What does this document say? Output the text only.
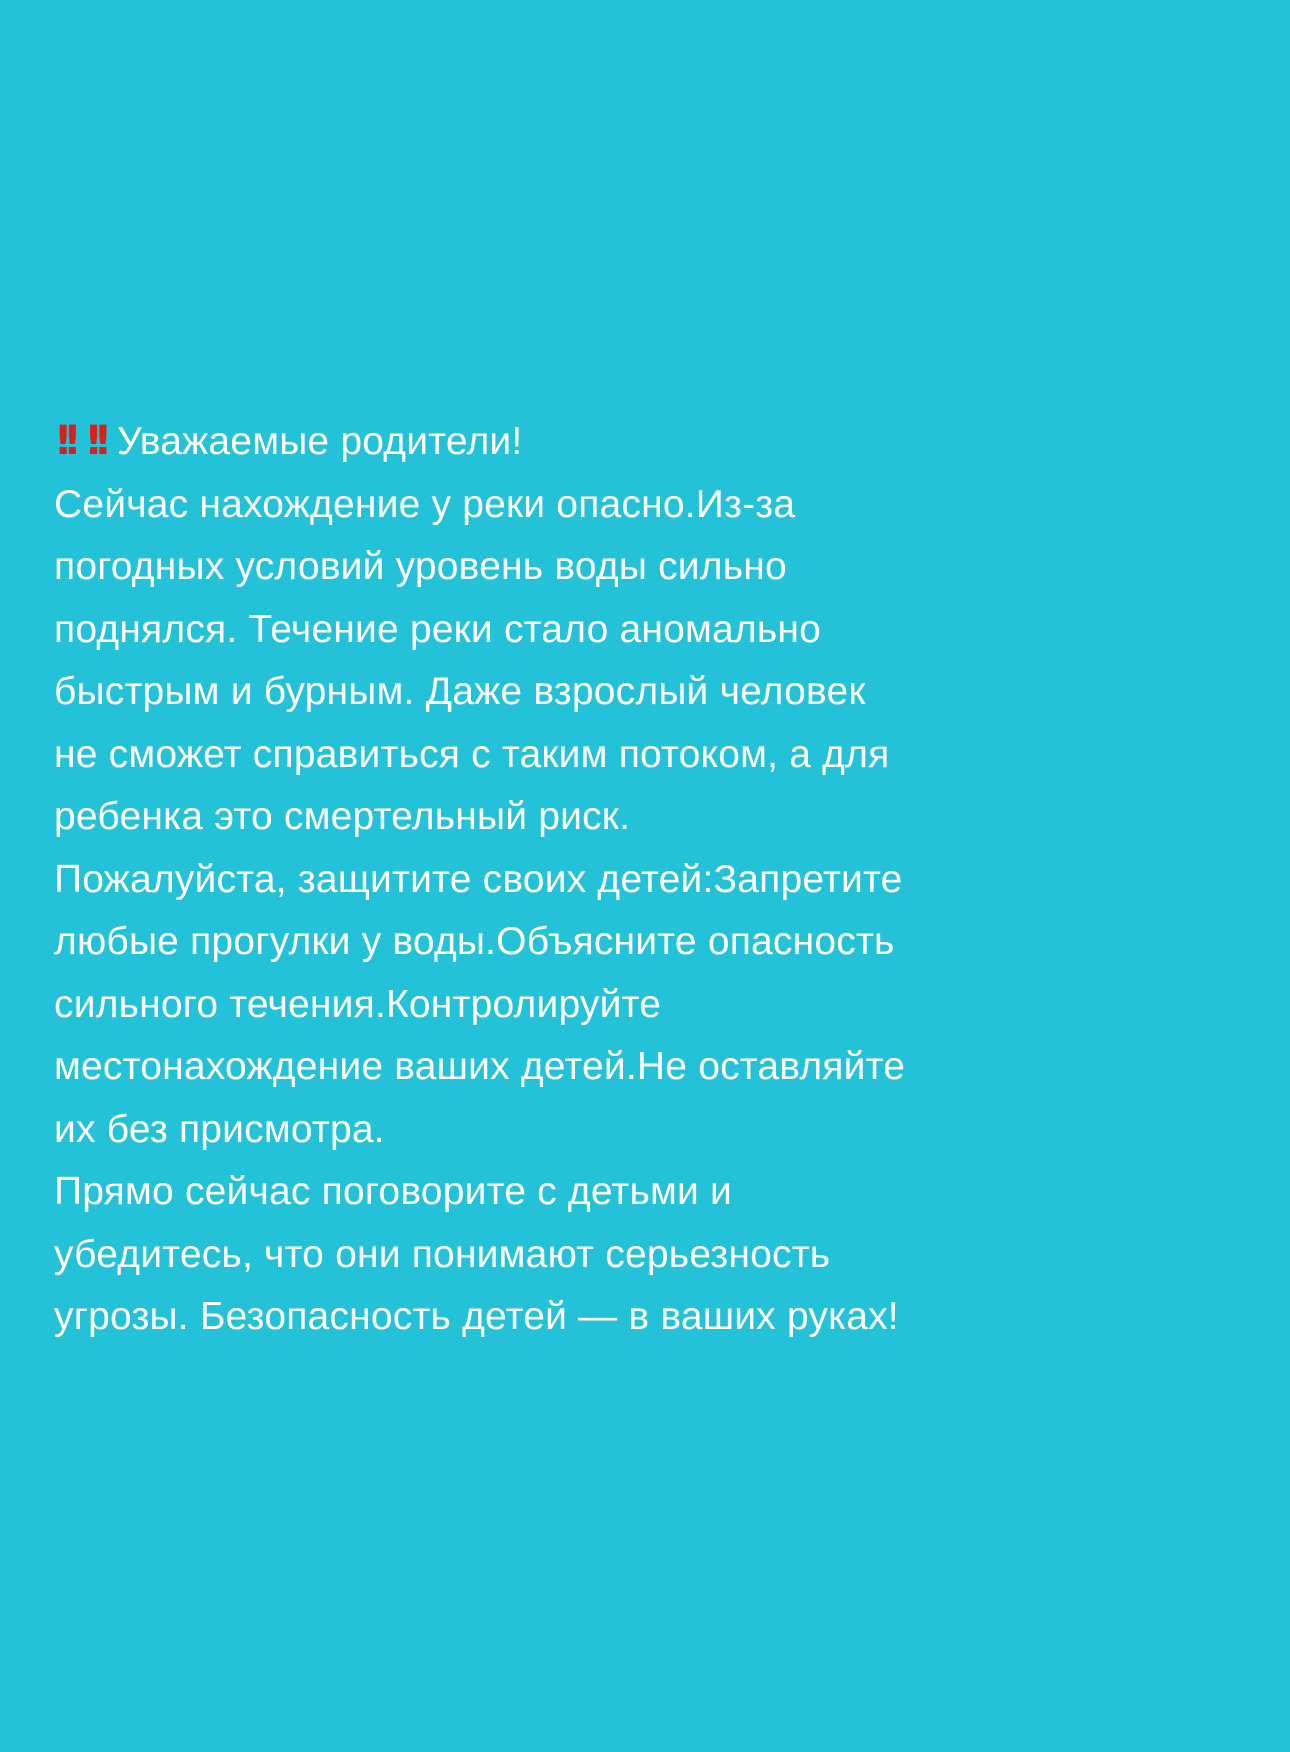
!! !! Уважаемые родители!
Сейчас нахождение у реки опасно.Из-за
погодных условий уровень воды сильно
поднялся. Течение реки стало аномально
быстрым и бурным. Даже взрослый человек
не сможет справиться с таким потоком, а для
ребенка это смертельный риск.
Пожалуйста, защитите своих детей:Запретите
любые прогулки у воды.Объясните опасность
сильного течения.Контролируйте
местонахождение ваших детей.Не оставляйте
их без присмотра.
Прямо сейчас поговорите с детьми и
убедитесь, что они понимают серьезность
угрозы. Безопасность детей — в ваших руках!
